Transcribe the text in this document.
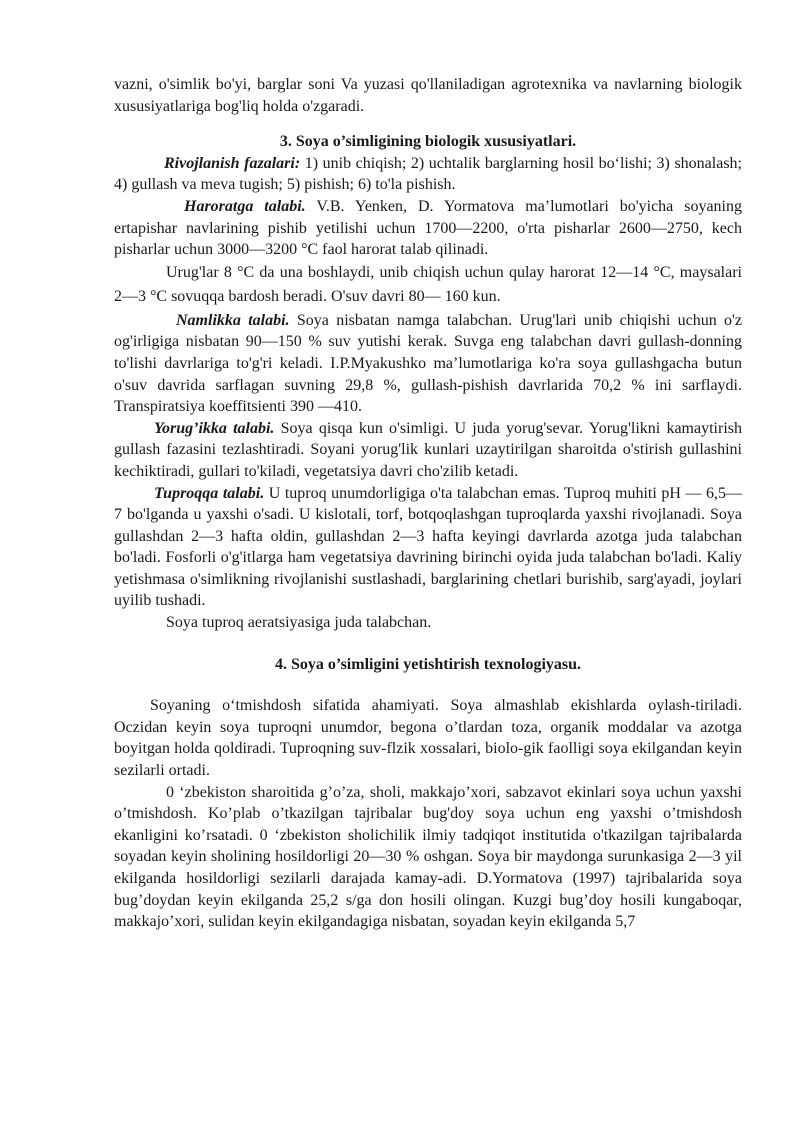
vazni, o'simlik bo'yi, barglar soni Va yuzasi qo'llaniladigan agrotexnika va navlarning biologik xususiyatlariga bog'liq holda o'zgaradi.

3. Soya o’simligining biologik xususiyatlari.

Rivojlanish fazalari: 1) unib chiqish; 2) uchtalik barglarning hosil bo‘lishi; 3) shonalash; 4) gullash va meva tugish; 5) pishish; 6) to'la pishish.

Haroratga talabi. V.B. Yenken, D. Yormatova ma’lumotlari bo'yicha soyaning ertapishar navlarining pishib yetilishi uchun 1700—2200, o'rta pisharlar 2600—2750, kech pisharlar uchun 3000—3200 °C faol harorat talab qilinadi.

Urug'lar 8 °C da una boshlaydi, unib chiqish uchun qulay harorat 12―14 °C, maysalari 2―3 °C sovuqqa bardosh beradi. O'suv davri 80― 160 kun.

Namlikka talabi. Soya nisbatan namga talabchan. Urug'lari unib chiqishi uchun o'z og'irligiga nisbatan 90—150 % suv yutishi kerak. Suvga eng talabchan davri gullash-donning to'lishi davrlariga to'g'ri keladi. I.P.Myakushko ma’lumotlariga ko'ra soya gullashgacha butun o'suv davrida sarflagan suvning 29,8 %, gullash-pishish davrlarida 70,2 % ini sarflaydi. Transpiratsiya koeffitsienti 390 —410.

Yorug’ikka talabi. Soya qisqa kun o'simligi. U juda yorug'sevar. Yorug'likni kamaytirish gullash fazasini tezlashtiradi. Soyani yorug'lik kunlari uzaytirilgan sharoitda o'stirish gullashini kechiktiradi, gullari to'kiladi, vegetatsiya davri cho'zilib ketadi.

Tuproqqa talabi. U tuproq unumdorligiga o'ta talabchan emas. Tuproq muhiti pH — 6,5—7 bo'lganda u yaxshi o'sadi. U kislotali, torf, botqoqlashgan tuproqlarda yaxshi rivojlanadi. Soya gullashdan 2—3 hafta oldin, gullashdan 2—3 hafta keyingi davrlarda azotga juda talabchan bo'ladi. Fosforli o'g'itlarga ham vegetatsiya davrining birinchi oyida juda talabchan bo'ladi. Kaliy yetishmasa o'simlikning rivojlanishi sustlashadi, barglarining chetlari burishib, sarg'ayadi, joylari uyilib tushadi.

Soya tuproq aeratsiyasiga juda talabchan.

4. Soya o’simligini yetishtirish texnologiyasu.

Soyaning o‘tmishdosh sifatida ahamiyati. Soya almashlab ekishlarda oylash-tiriladi. Oczidan keyin soya tuproqni unumdor, begona o’tlardan toza, organik moddalar va azotga boyitgan holda qoldiradi. Tuproqning suv-flzik xossalari, biolo-gik faolligi soya ekilgandan keyin sezilarli ortadi.

0 ‘zbekiston sharoitida g’o’za, sholi, makkajo’xori, sabzavot ekinlari soya uchun yaxshi o’tmishdosh. Ko’plab o’tkazilgan tajribalar bug'doy soya uchun eng yaxshi o’tmishdosh ekanligini ko’rsatadi. 0 ‘zbekiston sholichilik ilmiy tadqiqot institutida o'tkazilgan tajribalarda soyadan keyin sholining hosildorligi 20—30 % oshgan. Soya bir maydonga surunkasiga 2—3 yil ekilganda hosildorligi sezilarli darajada kamay-adi. D.Yormatova (1997) tajribalarida soya bug’doydan keyin ekilganda 25,2 s/ga don hosili olingan. Kuzgi bug’doy hosili kungaboqar, makkajo’xori, sulidan keyin ekilgandagiga nisbatan, soyadan keyin ekilganda 5,7
